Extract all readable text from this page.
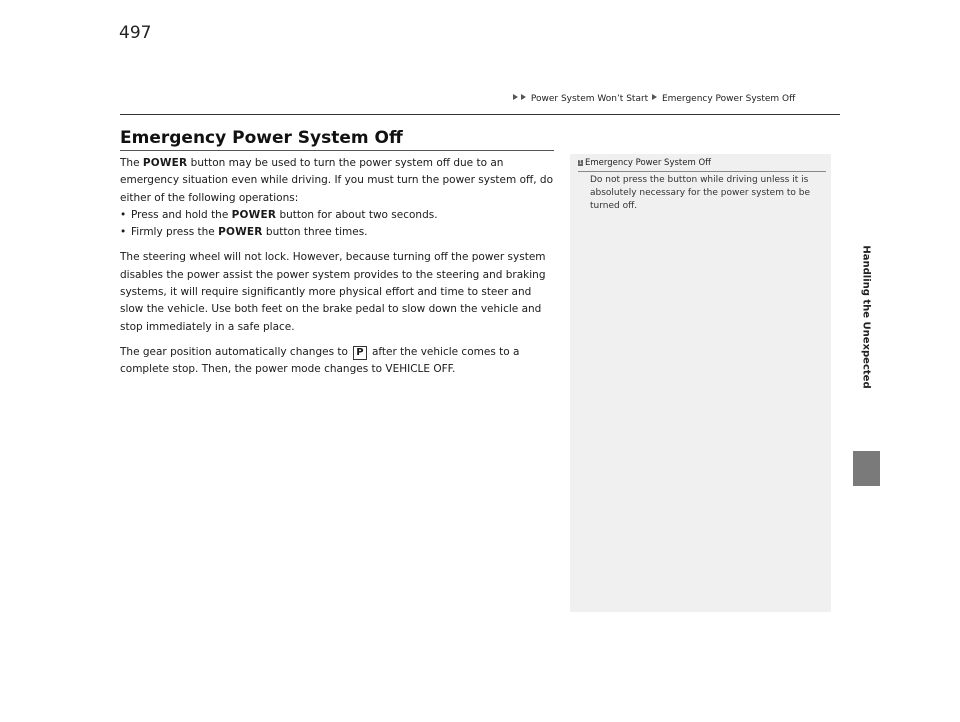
Power System Won’t Start Emergency Power System Off
Emergency Power System Off

The POWER button may be used to turn the power system off due to an emergency situation even while driving. If you must turn the power system off, do either of the following operations:

• Press and hold the POWER button for about two seconds.
• Firmly press the POWER button three times.

The steering wheel will not lock. However, because turning off the power system disables the power assist the power system provides to the steering and braking systems, it will require significantly more physical effort and time to steer and slow the vehicle. Use both feet on the brake pedal to slow down the vehicle and stop immediately in a safe place.

The gear position automatically changes to P after the vehicle comes to a complete stop. Then, the power mode changes to VEHICLE OFF.

1 Emergency Power System Off
Do not press the button while driving unless it is absolutely necessary for the power system to be turned off.
497
Handling the Unexpected
